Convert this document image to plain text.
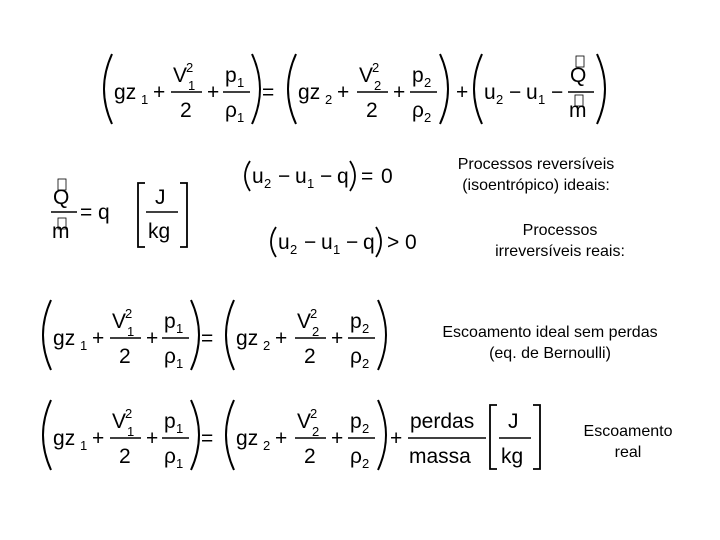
gz 1 +
V
2
1
2
+
p 1
ρ 1
= gz 2 +
V
2
2
2
+
p 2
ρ 2
+ u 2 − u 1 −
Q
m
Q
m
= q
J
kg
u 2 − u 1 − q = 0
u 2 − u 1 − q > 0
gz 1 +
V
2
1
2
+
p 1
ρ 1
= gz 2 +
V
2
2
2
+
p 2
ρ 2
gz 1 +
V
2
1
2
+
p 1
ρ 1
= gz 2 +
V
2
2
2
+
p 2
ρ 2
+
perdas
massa
J
kg
Processos reversíveis
(isoentrópico) ideais:
Processos
irreversíveis reais:
Escoamento ideal sem perdas
(eq. de Bernoulli)
Escoamento
real
